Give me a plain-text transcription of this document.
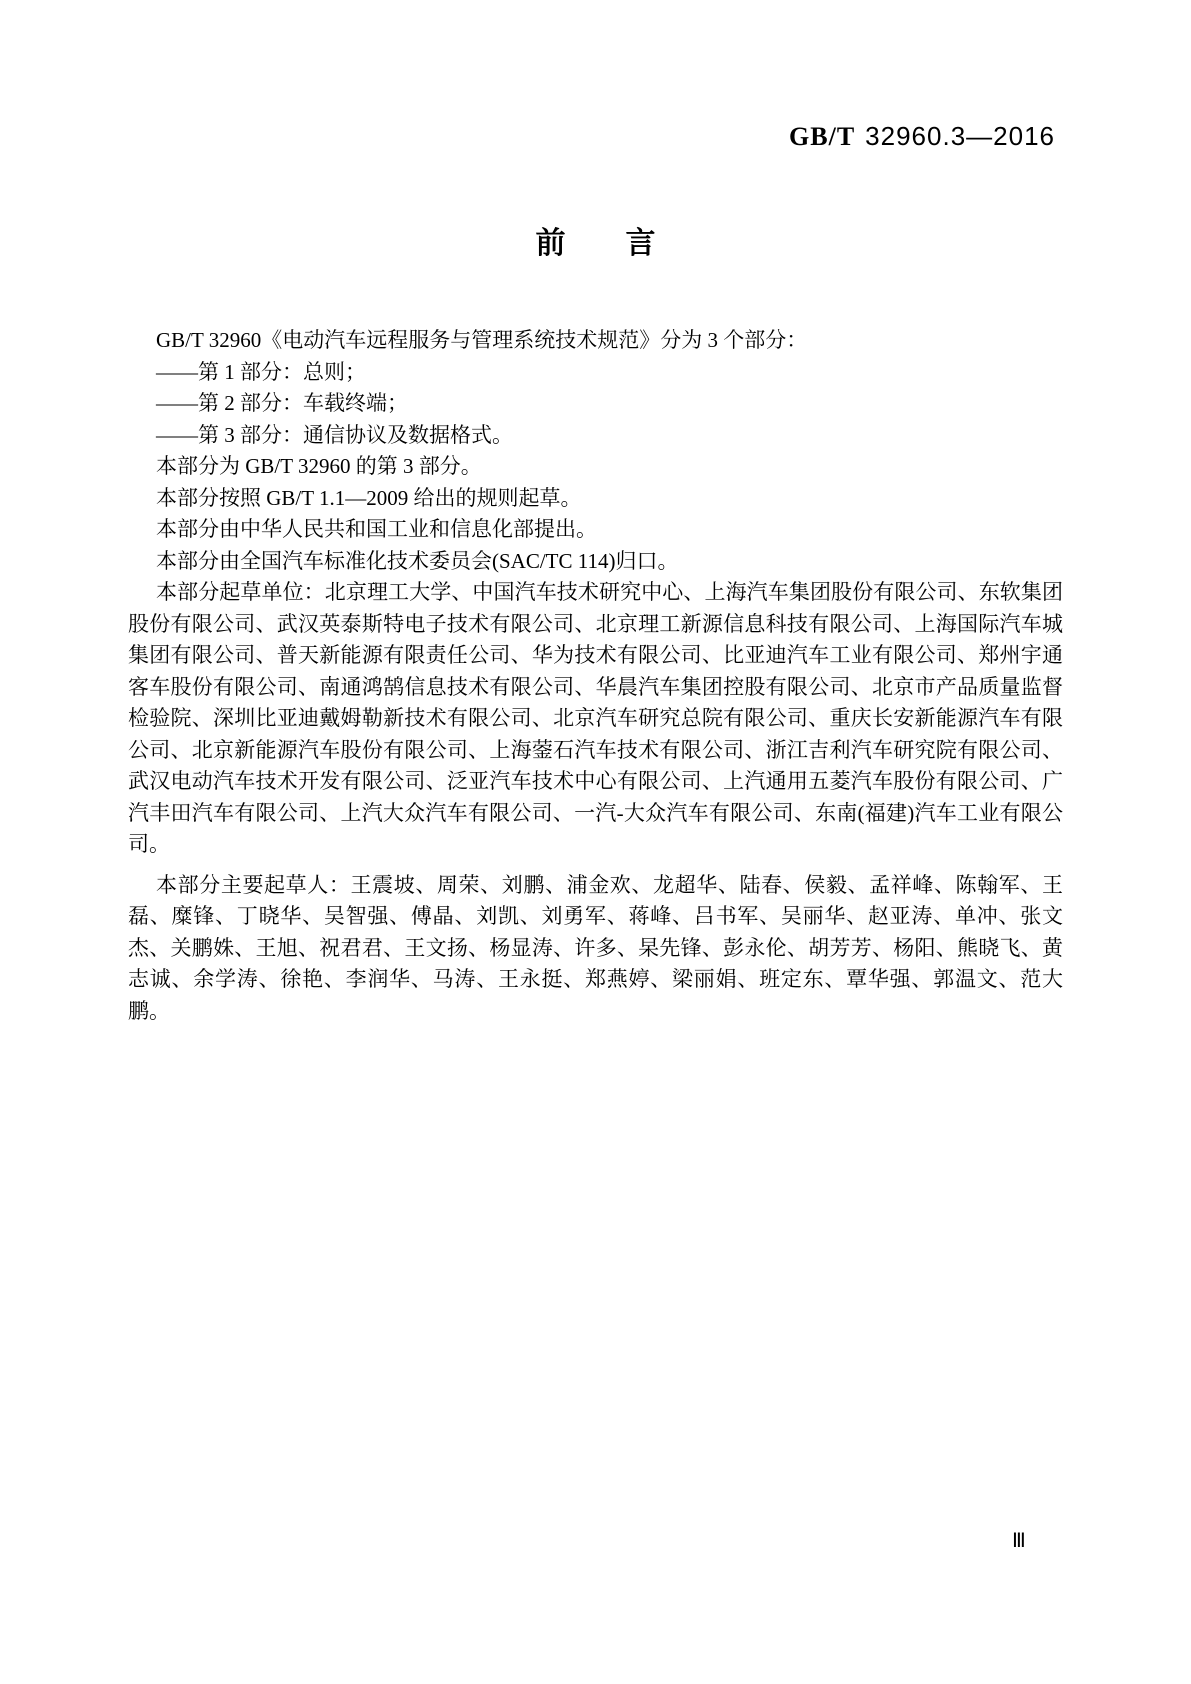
GB/T 32960.3—2016
前　　言

GB/T 32960《电动汽车远程服务与管理系统技术规范》分为 3 个部分：

——第 1 部分：总则；

——第 2 部分：车载终端；

——第 3 部分：通信协议及数据格式。

本部分为 GB/T 32960 的第 3 部分。

本部分按照 GB/T 1.1—2009 给出的规则起草。

本部分由中华人民共和国工业和信息化部提出。

本部分由全国汽车标准化技术委员会(SAC/TC 114)归口。

本部分起草单位：北京理工大学、中国汽车技术研究中心、上海汽车集团股份有限公司、东软集团股份有限公司、武汉英泰斯特电子技术有限公司、北京理工新源信息科技有限公司、上海国际汽车城集团有限公司、普天新能源有限责任公司、华为技术有限公司、比亚迪汽车工业有限公司、郑州宇通客车股份有限公司、南通鸿鹄信息技术有限公司、华晨汽车集团控股有限公司、北京市产品质量监督检验院、深圳比亚迪戴姆勒新技术有限公司、北京汽车研究总院有限公司、重庆长安新能源汽车有限公司、北京新能源汽车股份有限公司、上海蓥石汽车技术有限公司、浙江吉利汽车研究院有限公司、武汉电动汽车技术开发有限公司、泛亚汽车技术中心有限公司、上汽通用五菱汽车股份有限公司、广汽丰田汽车有限公司、上汽大众汽车有限公司、一汽-大众汽车有限公司、东南(福建)汽车工业有限公司。

本部分主要起草人：王震坡、周荣、刘鹏、浦金欢、龙超华、陆春、侯毅、孟祥峰、陈翰军、王磊、糜锋、丁晓华、吴智强、傅晶、刘凯、刘勇军、蒋峰、吕书军、吴丽华、赵亚涛、单冲、张文杰、关鹏姝、王旭、祝君君、王文扬、杨显涛、许多、杲先锋、彭永伦、胡芳芳、杨阳、熊晓飞、黄志诚、余学涛、徐艳、李润华、马涛、王永挺、郑燕婷、梁丽娟、班定东、覃华强、郭温文、范大鹏。

Ⅲ
